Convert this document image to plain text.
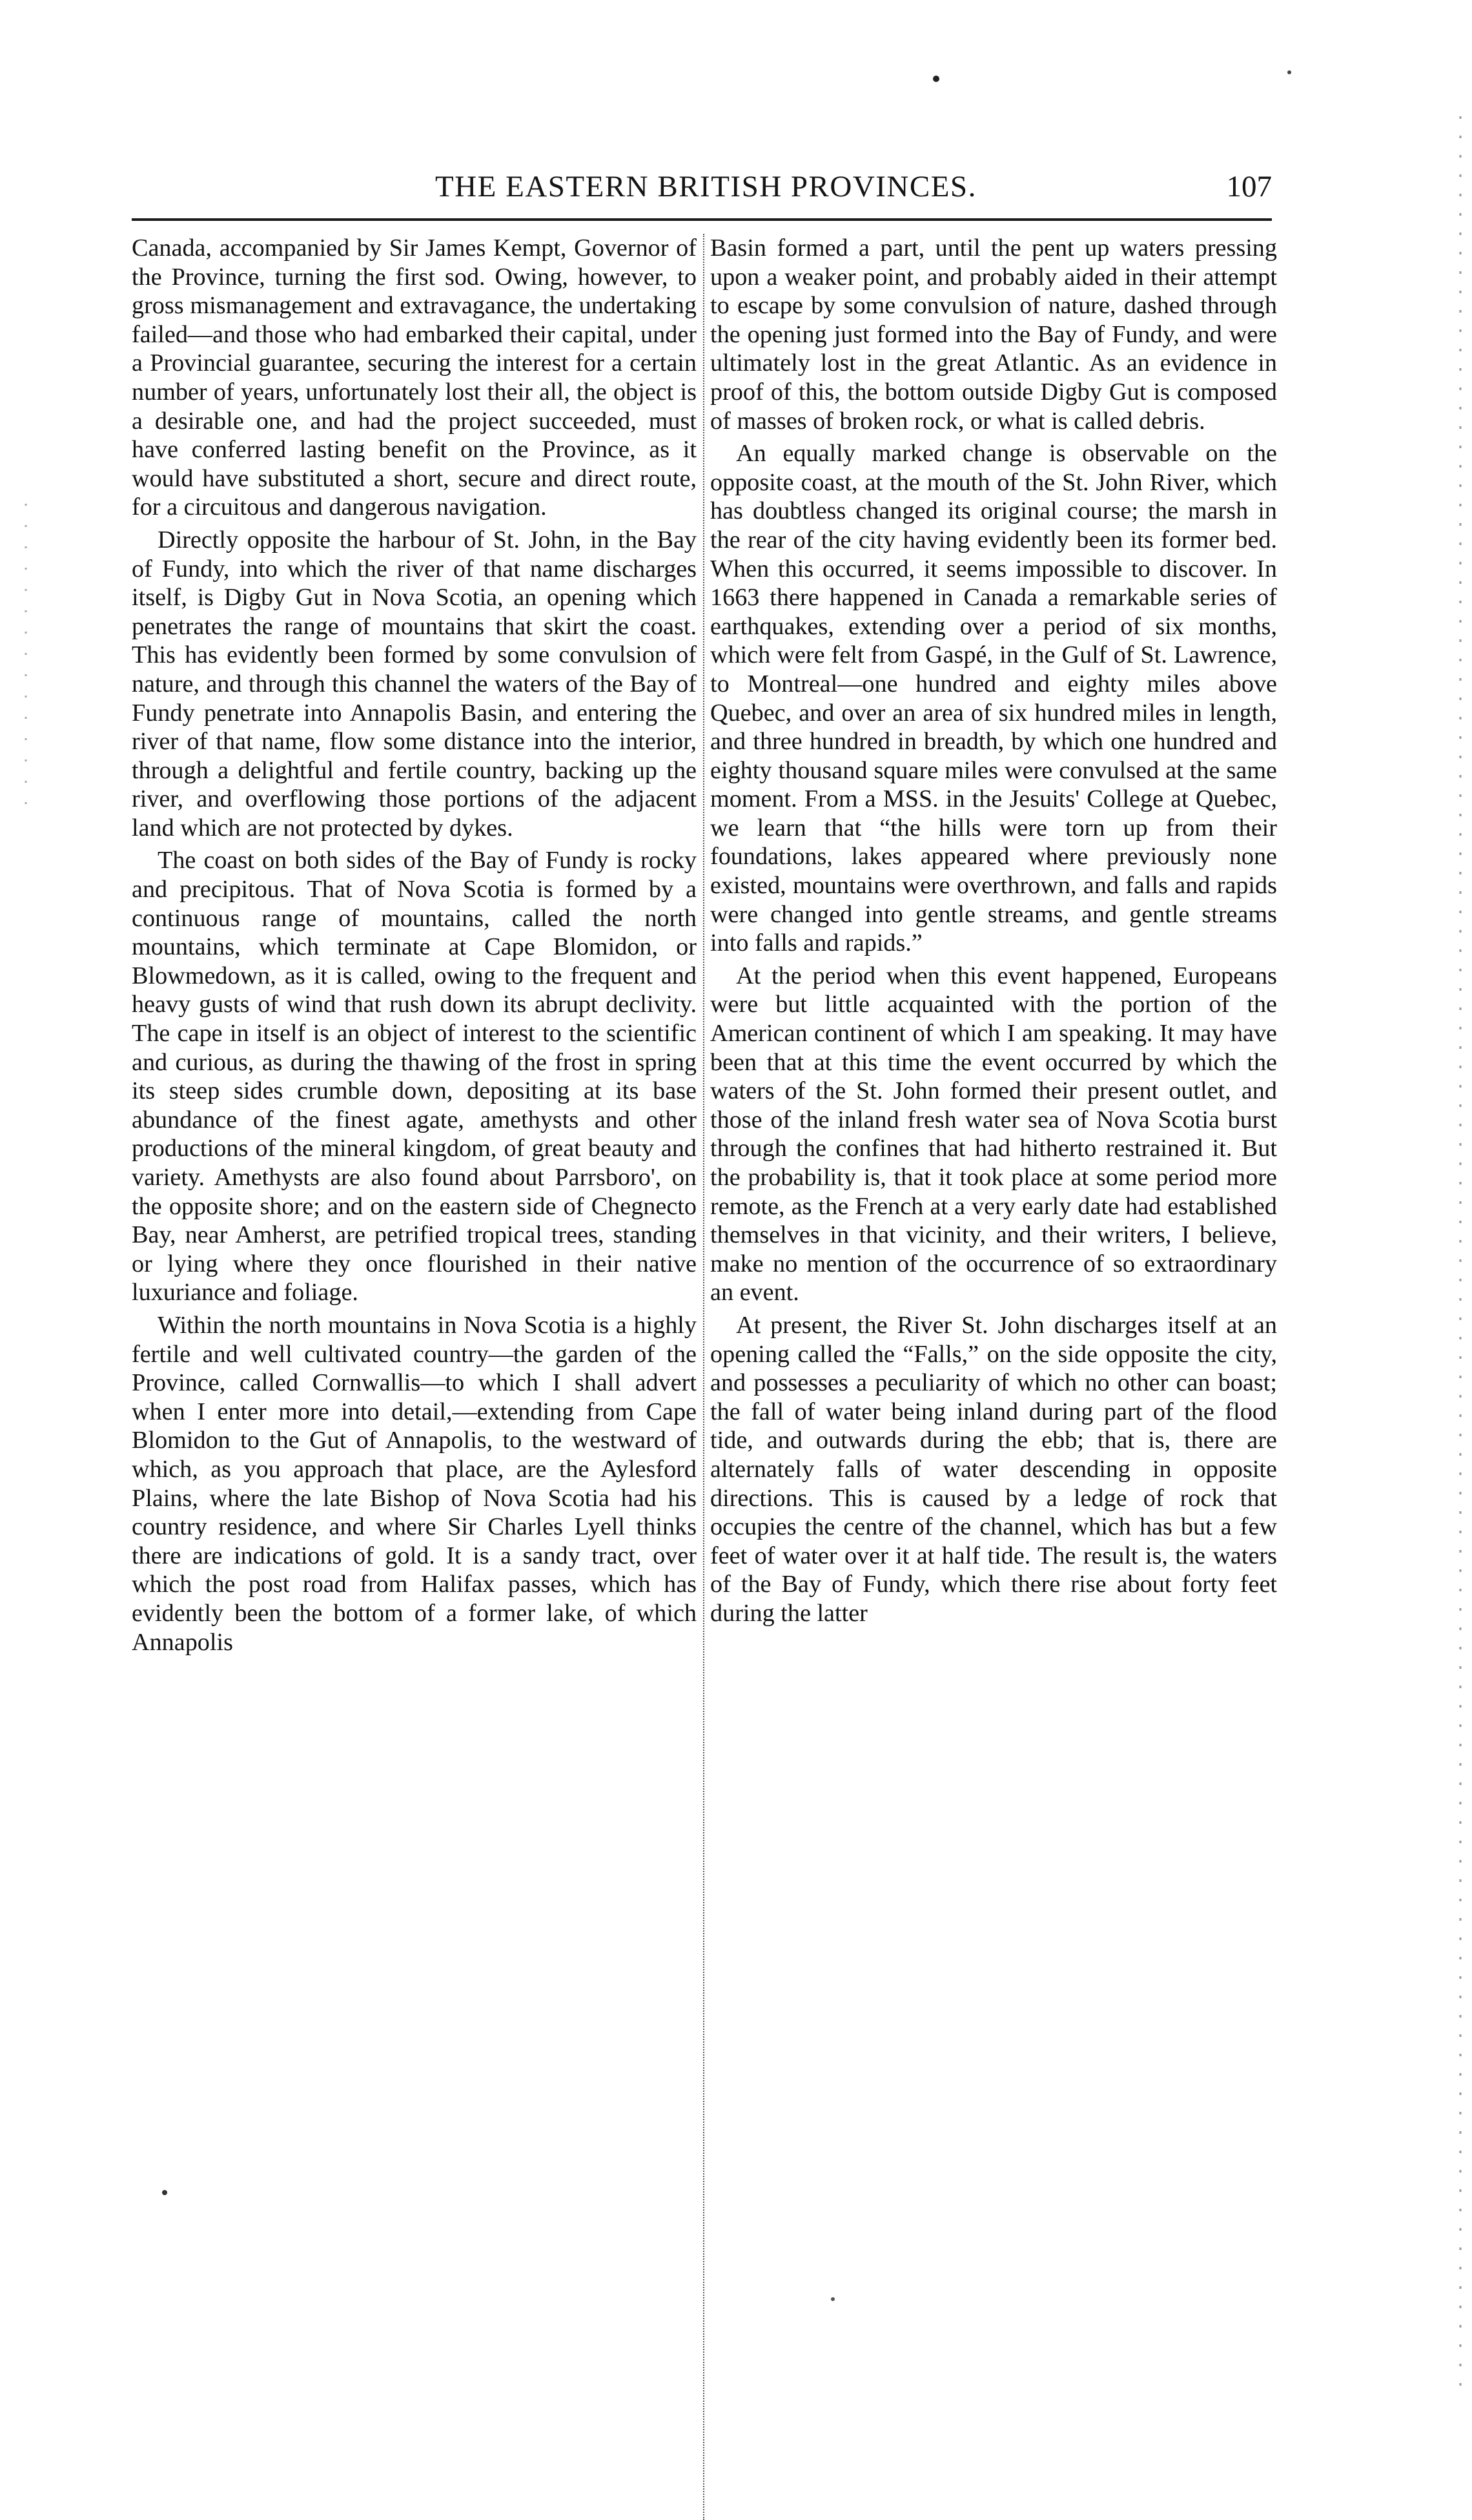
THE EASTERN BRITISH PROVINCES.	107

Canada, accompanied by Sir James Kempt, Governor of the Province, turning the first sod. Owing, however, to gross mismanagement and extravagance, the undertaking failed—and those who had embarked their capital, under a Provincial guarantee, securing the interest for a certain number of years, unfortunately lost their all, the object is a desirable one, and had the project succeeded, must have conferred lasting benefit on the Province, as it would have substituted a short, secure and direct route, for a circuitous and dangerous navigation.

Directly opposite the harbour of St. John, in the Bay of Fundy, into which the river of that name discharges itself, is Digby Gut in Nova Scotia, an opening which penetrates the range of mountains that skirt the coast. This has evidently been formed by some convulsion of nature, and through this channel the waters of the Bay of Fundy penetrate into Annapolis Basin, and entering the river of that name, flow some distance into the interior, through a delightful and fertile country, backing up the river, and overflowing those portions of the adjacent land which are not protected by dykes.

The coast on both sides of the Bay of Fundy is rocky and precipitous. That of Nova Scotia is formed by a continuous range of mountains, called the north mountains, which terminate at Cape Blomidon, or Blowmedown, as it is called, owing to the frequent and heavy gusts of wind that rush down its abrupt declivity. The cape in itself is an object of interest to the scientific and curious, as during the thawing of the frost in spring its steep sides crumble down, depositing at its base abundance of the finest agate, amethysts and other productions of the mineral kingdom, of great beauty and variety. Amethysts are also found about Parrsboro', on the opposite shore; and on the eastern side of Chegnecto Bay, near Amherst, are petrified tropical trees, standing or lying where they once flourished in their native luxuriance and foliage.

Within the north mountains in Nova Scotia is a highly fertile and well cultivated country—the garden of the Province, called Cornwallis—to which I shall advert when I enter more into detail,—extending from Cape Blomidon to the Gut of Annapolis, to the westward of which, as you approach that place, are the Aylesford Plains, where the late Bishop of Nova Scotia had his country residence, and where Sir Charles Lyell thinks there are indications of gold. It is a sandy tract, over which the post road from Halifax passes, which has evidently been the bottom of a former lake, of which Annapolis

Basin formed a part, until the pent up waters pressing upon a weaker point, and probably aided in their attempt to escape by some convulsion of nature, dashed through the opening just formed into the Bay of Fundy, and were ultimately lost in the great Atlantic. As an evidence in proof of this, the bottom outside Digby Gut is composed of masses of broken rock, or what is called debris.

An equally marked change is observable on the opposite coast, at the mouth of the St. John River, which has doubtless changed its original course; the marsh in the rear of the city having evidently been its former bed. When this occurred, it seems impossible to discover. In 1663 there happened in Canada a remarkable series of earthquakes, extending over a period of six months, which were felt from Gaspé, in the Gulf of St. Lawrence, to Montreal—one hundred and eighty miles above Quebec, and over an area of six hundred miles in length, and three hundred in breadth, by which one hundred and eighty thousand square miles were convulsed at the same moment. From a MSS. in the Jesuits' College at Quebec, we learn that “the hills were torn up from their foundations, lakes appeared where previously none existed, mountains were overthrown, and falls and rapids were changed into gentle streams, and gentle streams into falls and rapids.”

At the period when this event happened, Europeans were but little acquainted with the portion of the American continent of which I am speaking. It may have been that at this time the event occurred by which the waters of the St. John formed their present outlet, and those of the inland fresh water sea of Nova Scotia burst through the confines that had hitherto restrained it. But the probability is, that it took place at some period more remote, as the French at a very early date had established themselves in that vicinity, and their writers, I believe, make no mention of the occurrence of so extraordinary an event.

At present, the River St. John discharges itself at an opening called the “Falls,” on the side opposite the city, and possesses a peculiarity of which no other can boast; the fall of water being inland during part of the flood tide, and outwards during the ebb; that is, there are alternately falls of water descending in opposite directions. This is caused by a ledge of rock that occupies the centre of the channel, which has but a few feet of water over it at half tide. The result is, the waters of the Bay of Fundy, which there rise about forty feet during the latter
